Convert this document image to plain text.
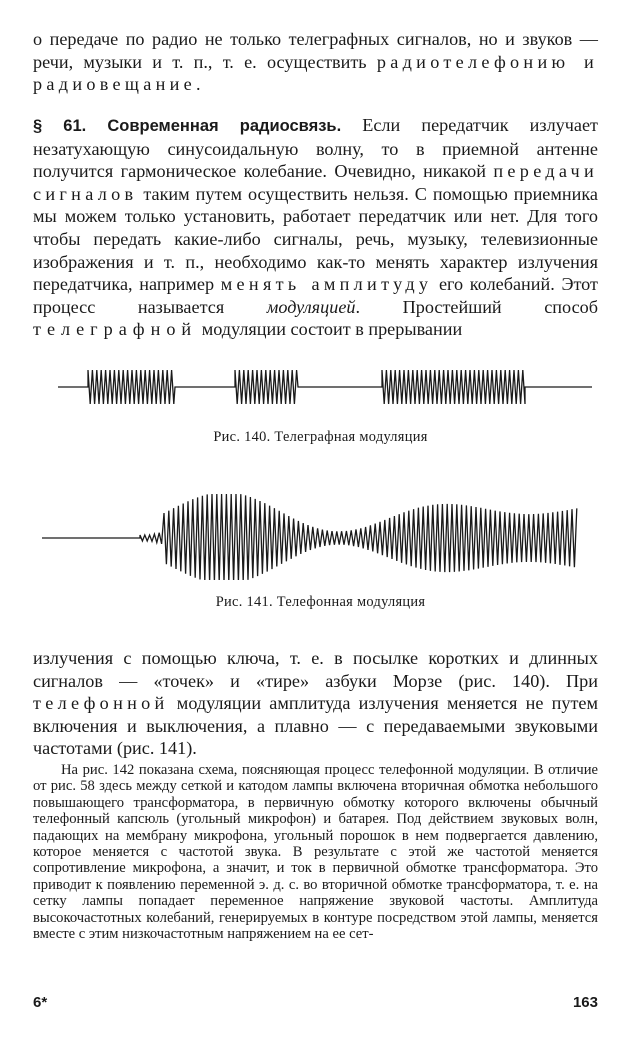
о передаче по радио не только телеграфных сигналов, но и звуков — речи, музыки и т. п., т. е. осуществить радиотелефонию и радиовещание.

§ 61. Современная радиосвязь. Если передатчик излучает незатухающую синусоидальную волну, то в приемной антенне получится гармоническое колебание. Очевидно, никакой передачи сигналов таким путем осуществить нельзя. С помощью приемника мы можем только установить, работает передатчик или нет. Для того чтобы передать какие-либо сигналы, речь, музыку, телевизионные изображения и т. п., необходимо как-то менять характер излучения передатчика, например менять амплитуду его колебаний. Этот процесс называется модуляцией. Простейший способ телеграфной модуляции состоит в прерывании

Рис. 140. Телеграфная модуляция
Рис. 141. Телефонная модуляция

излучения с помощью ключа, т. е. в посылке коротких и длинных сигналов — «точек» и «тире» азбуки Морзе (рис. 140). При телефонной модуляции амплитуда излучения меняется не путем включения и выключения, а плавно — с передаваемыми звуковыми частотами (рис. 141).

На рис. 142 показана схема, поясняющая процесс телефонной модуляции. В отличие от рис. 58 здесь между сеткой и катодом лампы включена вторичная обмотка небольшого повышающего трансформатора, в первичную обмотку которого включены обычный телефонный капсюль (угольный микрофон) и батарея. Под действием звуковых волн, падающих на мембрану микрофона, угольный порошок в нем подвергается давлению, которое меняется с частотой звука. В результате с этой же частотой меняется сопротивление микрофона, а значит, и ток в первичной обмотке трансформатора. Это приводит к появлению переменной э. д. с. во вторичной обмотке трансформатора, т. е. на сетку лампы попадает переменное напряжение звуковой частоты. Амплитуда высокочастотных колебаний, генерируемых в контуре посредством этой лампы, меняется вместе с этим низкочастотным напряжением на ее сет-

6*	163
